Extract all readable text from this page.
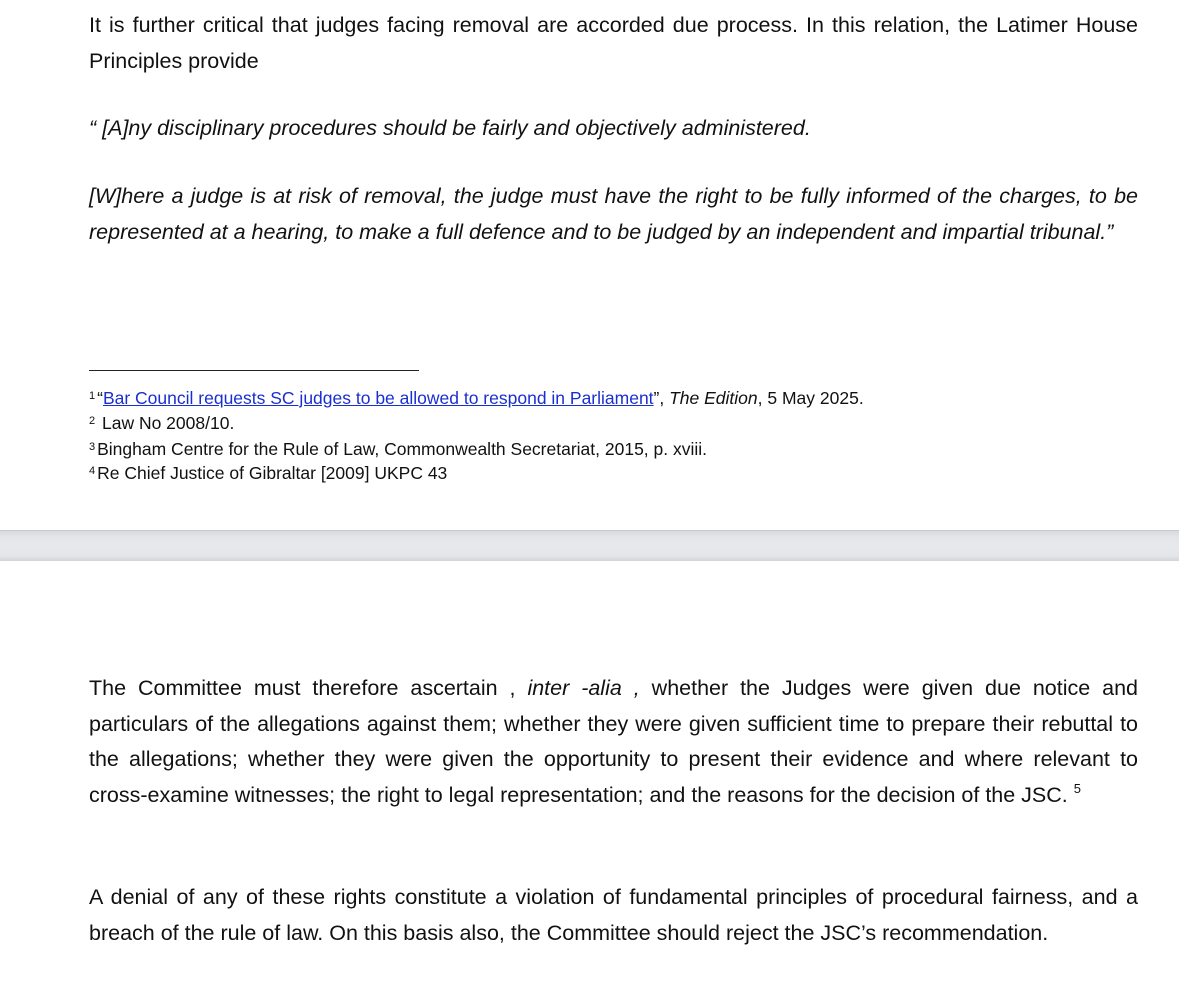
It is further critical that judges facing removal are accorded due process. In this relation, the Latimer House Principles provide

“ [A]ny disciplinary procedures should be fairly and objectively administered.

[W]here a judge is at risk of removal, the judge must have the right to be fully informed of the charges, to be represented at a hearing, to make a full defence and to be judged by an independent and impartial tribunal.”

$^1$ “Bar Council requests SC judges to be allowed to respond in Parliament”, The Edition, 5 May 2025.
$^2$ Law No 2008/10.
$^3$ Bingham Centre for the Rule of Law, Commonwealth Secretariat, 2015, p. xviii.
$^4$ Re Chief Justice of Gibraltar [2009] UKPC 43

The Committee must therefore ascertain , inter -alia , whether the Judges were given due notice and particulars of the allegations against them; whether they were given sufficient time to prepare their rebuttal to the allegations; whether they were given the opportunity to present their evidence and where relevant to cross-examine witnesses; the right to legal representation; and the reasons for the decision of the JSC. $^5$

A denial of any of these rights constitute a violation of fundamental principles of procedural fairness, and a breach of the rule of law. On this basis also, the Committee should reject the JSC’s recommendation.
